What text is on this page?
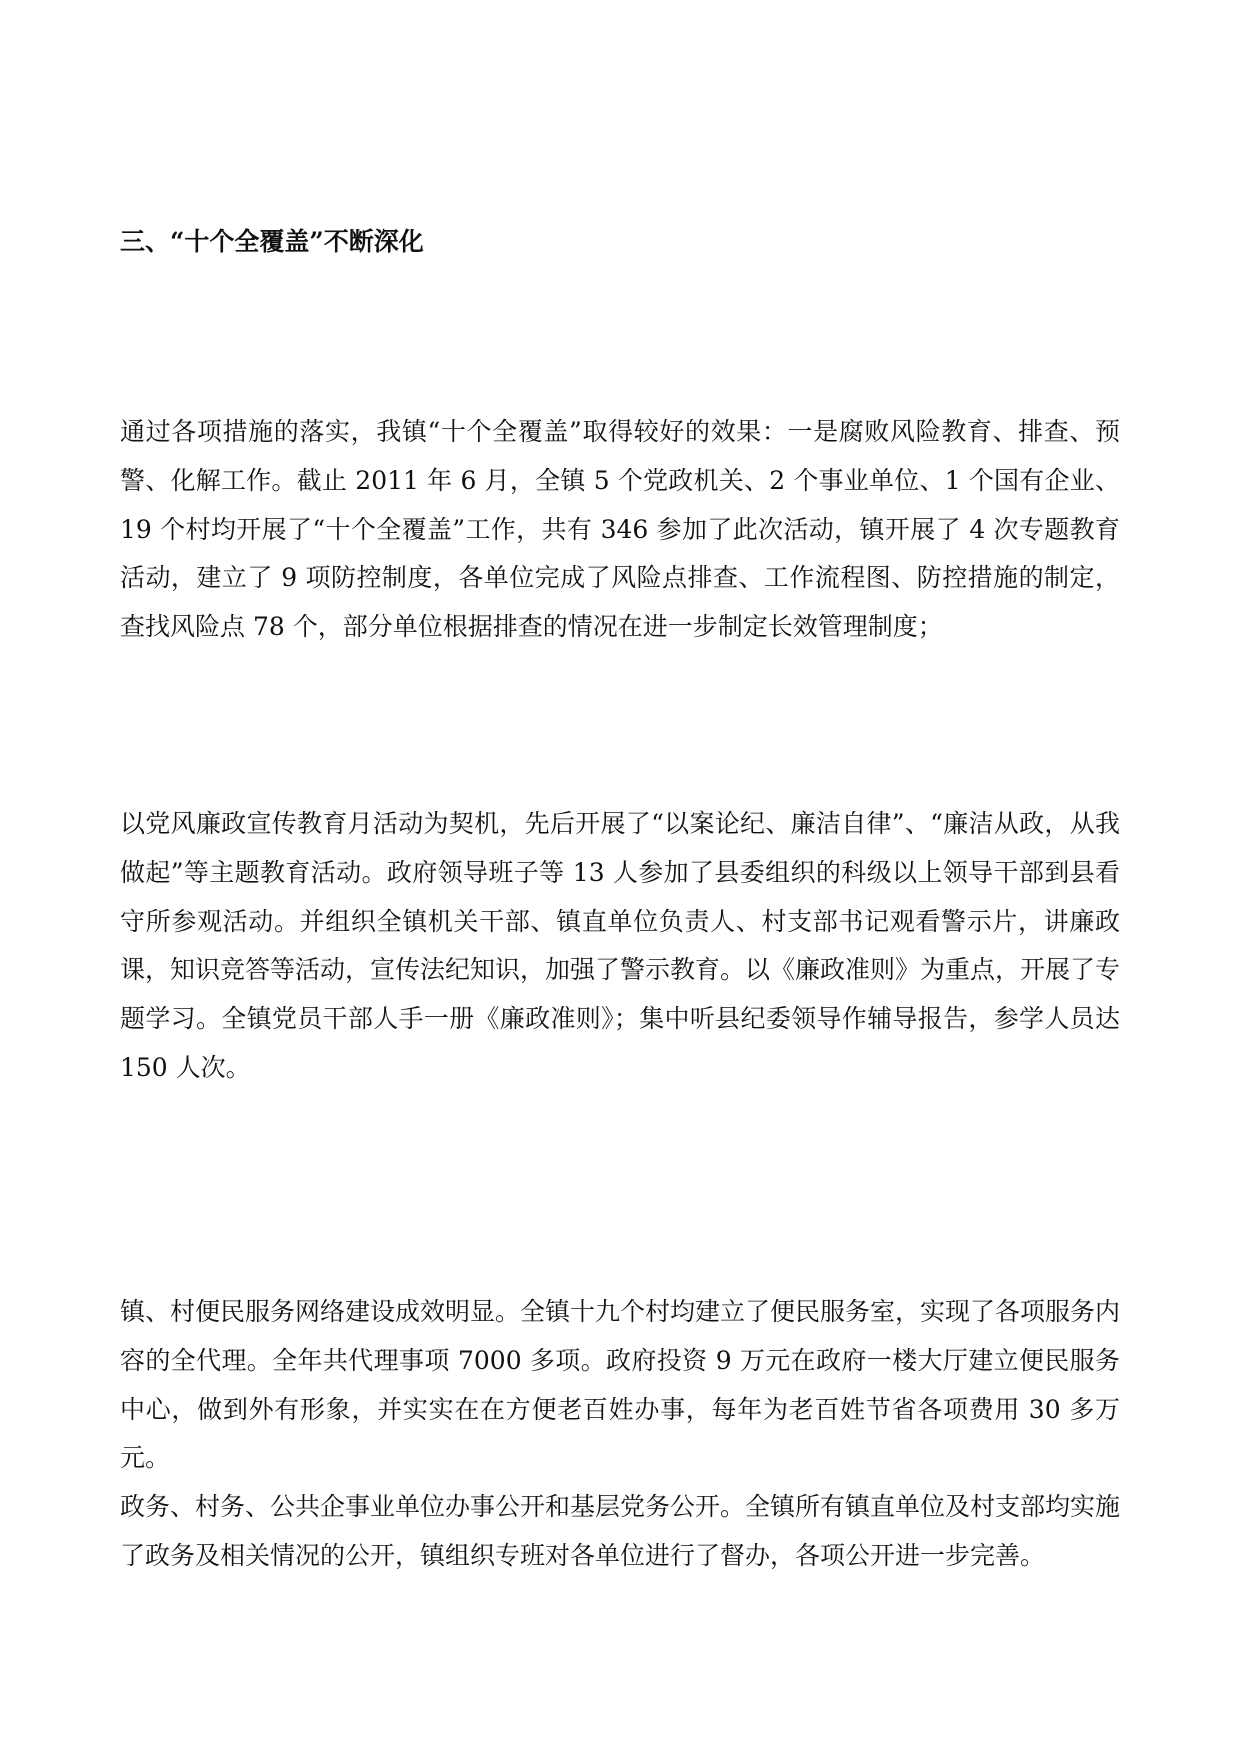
三、“十个全覆盖”不断深化

通过各项措施的落实，我镇“十个全覆盖”取得较好的效果：一是腐败风险教育、排查、预警、化解工作。截止 2011 年 6 月，全镇 5 个党政机关、2 个事业单位、1 个国有企业、19 个村均开展了“十个全覆盖”工作，共有 346 参加了此次活动，镇开展了 4 次专题教育活动，建立了 9 项防控制度，各单位完成了风险点排查、工作流程图、防控措施的制定，查找风险点 78 个，部分单位根据排查的情况在进一步制定长效管理制度；

以党风廉政宣传教育月活动为契机，先后开展了“以案论纪、廉洁自律”、“廉洁从政，从我做起”等主题教育活动。政府领导班子等 13 人参加了县委组织的科级以上领导干部到县看守所参观活动。并组织全镇机关干部、镇直单位负责人、村支部书记观看警示片，讲廉政课，知识竞答等活动，宣传法纪知识，加强了警示教育。以《廉政准则》为重点，开展了专题学习。全镇党员干部人手一册《廉政准则》；集中听县纪委领导作辅导报告，参学人员达 150 人次。

镇、村便民服务网络建设成效明显。全镇十九个村均建立了便民服务室，实现了各项服务内容的全代理。全年共代理事项 7000 多项。政府投资 9 万元在政府一楼大厅建立便民服务中心，做到外有形象，并实实在在方便老百姓办事，每年为老百姓节省各项费用 30 多万元。

政务、村务、公共企事业单位办事公开和基层党务公开。全镇所有镇直单位及村支部均实施了政务及相关情况的公开，镇组织专班对各单位进行了督办，各项公开进一步完善。
